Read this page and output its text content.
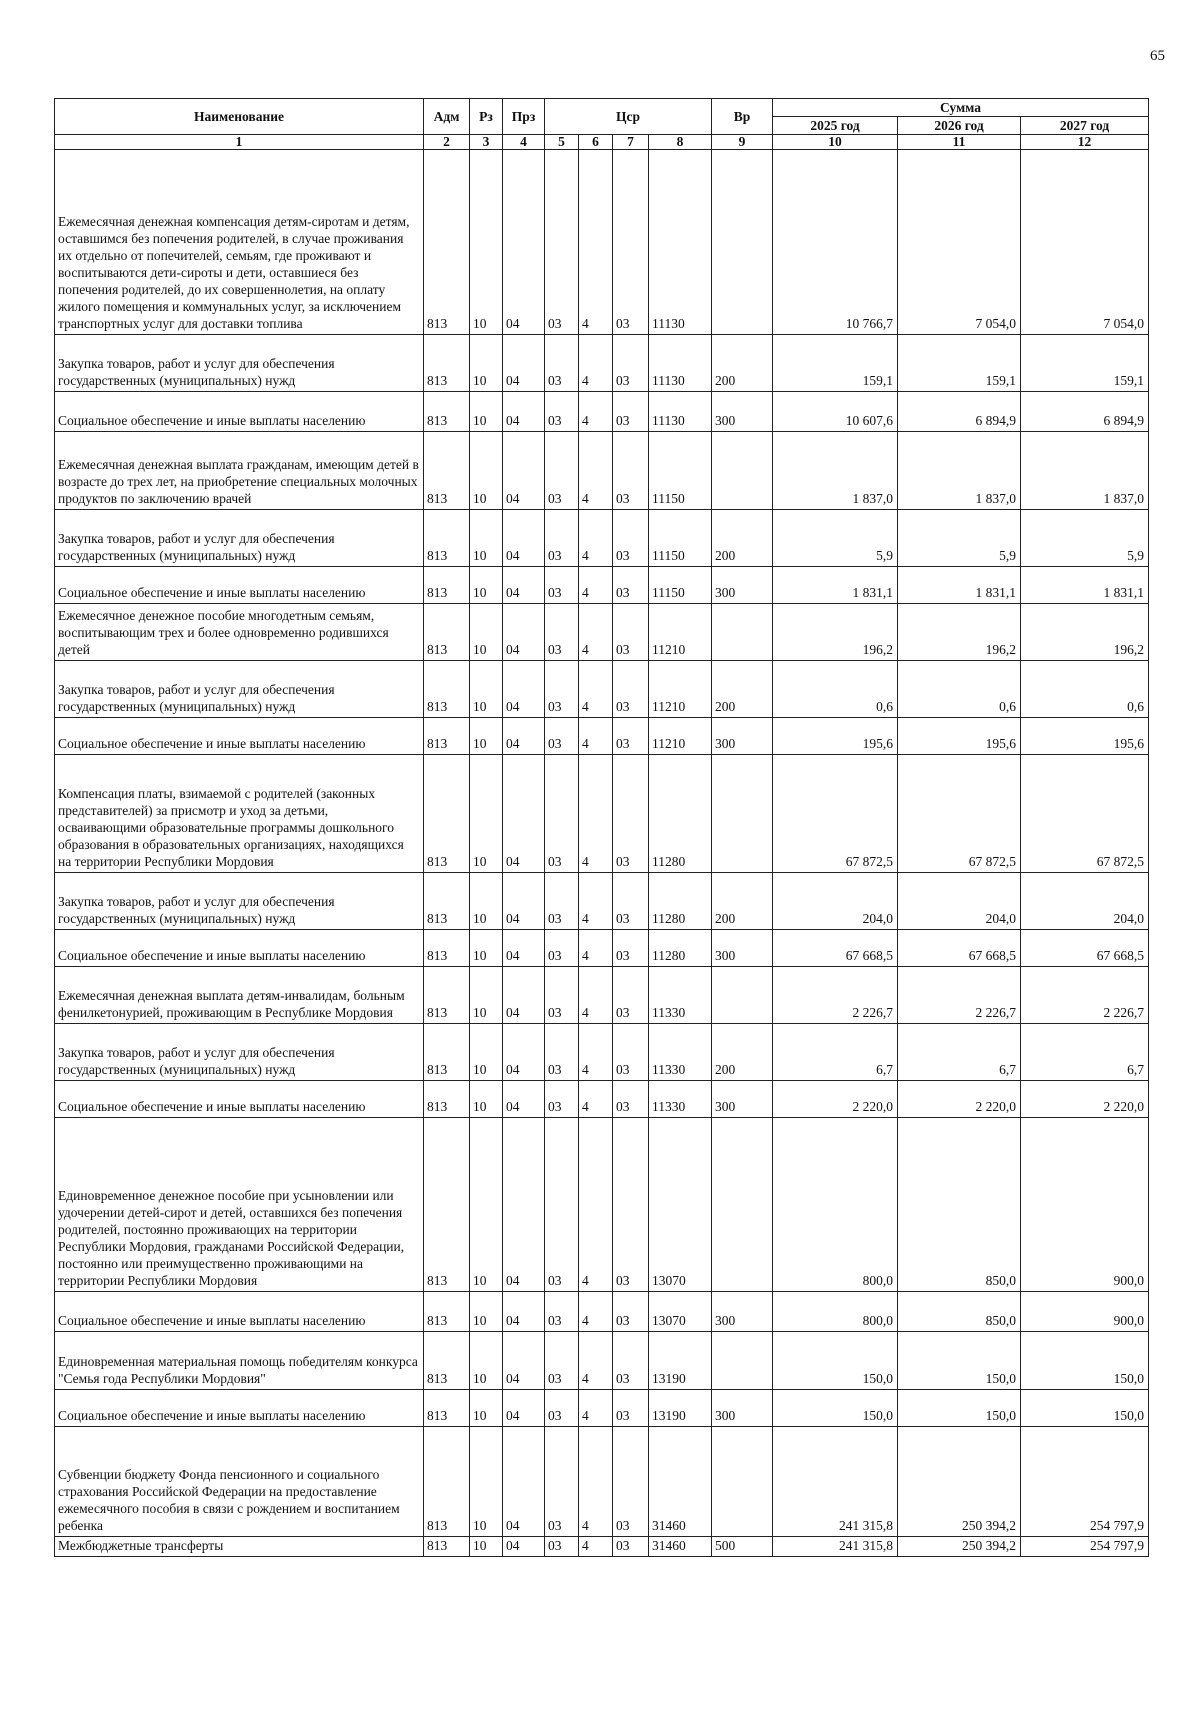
65
Наименование	Адм	Рз	Прз	Цср				Вр	Сумма		
									2025 год	2026 год	2027 год
1	2	3	4	5	6	7	8	9	10	11	12
Ежемесячная денежная компенсация детям-сиротам и детям, оставшимся без попечения родителей, в случае проживания их отдельно от попечителей, семьям, где проживают и воспитываются дети-сироты и дети, оставшиеся без попечения родителей, до их совершеннолетия, на оплату жилого помещения и коммунальных услуг, за исключением транспортных услуг для доставки топлива	813	10	04	03	4	03	11130		10 766,7	7 054,0	7 054,0
Закупка товаров, работ и услуг для обеспечения государственных (муниципальных) нужд	813	10	04	03	4	03	11130	200	159,1	159,1	159,1
Социальное обеспечение и иные выплаты населению	813	10	04	03	4	03	11130	300	10 607,6	6 894,9	6 894,9
Ежемесячная денежная выплата гражданам, имеющим детей в возрасте до трех лет, на приобретение специальных молочных продуктов по заключению врачей	813	10	04	03	4	03	11150		1 837,0	1 837,0	1 837,0
Закупка товаров, работ и услуг для обеспечения государственных (муниципальных) нужд	813	10	04	03	4	03	11150	200	5,9	5,9	5,9
Социальное обеспечение и иные выплаты населению	813	10	04	03	4	03	11150	300	1 831,1	1 831,1	1 831,1
Ежемесячное денежное пособие многодетным семьям, воспитывающим трех и более одновременно родившихся детей	813	10	04	03	4	03	11210		196,2	196,2	196,2
Закупка товаров, работ и услуг для обеспечения государственных (муниципальных) нужд	813	10	04	03	4	03	11210	200	0,6	0,6	0,6
Социальное обеспечение и иные выплаты населению	813	10	04	03	4	03	11210	300	195,6	195,6	195,6
Компенсация платы, взимаемой с родителей (законных представителей) за присмотр и уход за детьми, осваивающими образовательные программы дошкольного образования в образовательных организациях, находящихся на территории Республики Мордовия	813	10	04	03	4	03	11280		67 872,5	67 872,5	67 872,5
Закупка товаров, работ и услуг для обеспечения государственных (муниципальных) нужд	813	10	04	03	4	03	11280	200	204,0	204,0	204,0
Социальное обеспечение и иные выплаты населению	813	10	04	03	4	03	11280	300	67 668,5	67 668,5	67 668,5
Ежемесячная денежная выплата детям-инвалидам, больным фенилкетонурией, проживающим в Республике Мордовия	813	10	04	03	4	03	11330		2 226,7	2 226,7	2 226,7
Закупка товаров, работ и услуг для обеспечения государственных (муниципальных) нужд	813	10	04	03	4	03	11330	200	6,7	6,7	6,7
Социальное обеспечение и иные выплаты населению	813	10	04	03	4	03	11330	300	2 220,0	2 220,0	2 220,0
Единовременное денежное пособие при усыновлении или удочерении детей-сирот и детей, оставшихся без попечения родителей, постоянно проживающих на территории Республики Мордовия, гражданами Российской Федерации, постоянно или преимущественно проживающими на территории Республики Мордовия	813	10	04	03	4	03	13070		800,0	850,0	900,0
Социальное обеспечение и иные выплаты населению	813	10	04	03	4	03	13070	300	800,0	850,0	900,0
Единовременная материальная помощь победителям конкурса "Семья года Республики Мордовия"	813	10	04	03	4	03	13190		150,0	150,0	150,0
Социальное обеспечение и иные выплаты населению	813	10	04	03	4	03	13190	300	150,0	150,0	150,0
Субвенции бюджету Фонда пенсионного и социального страхования Российской Федерации на предоставление ежемесячного пособия в связи с рождением и воспитанием ребенка	813	10	04	03	4	03	31460		241 315,8	250 394,2	254 797,9
Межбюджетные трансферты	813	10	04	03	4	03	31460	500	241 315,8	250 394,2	254 797,9
